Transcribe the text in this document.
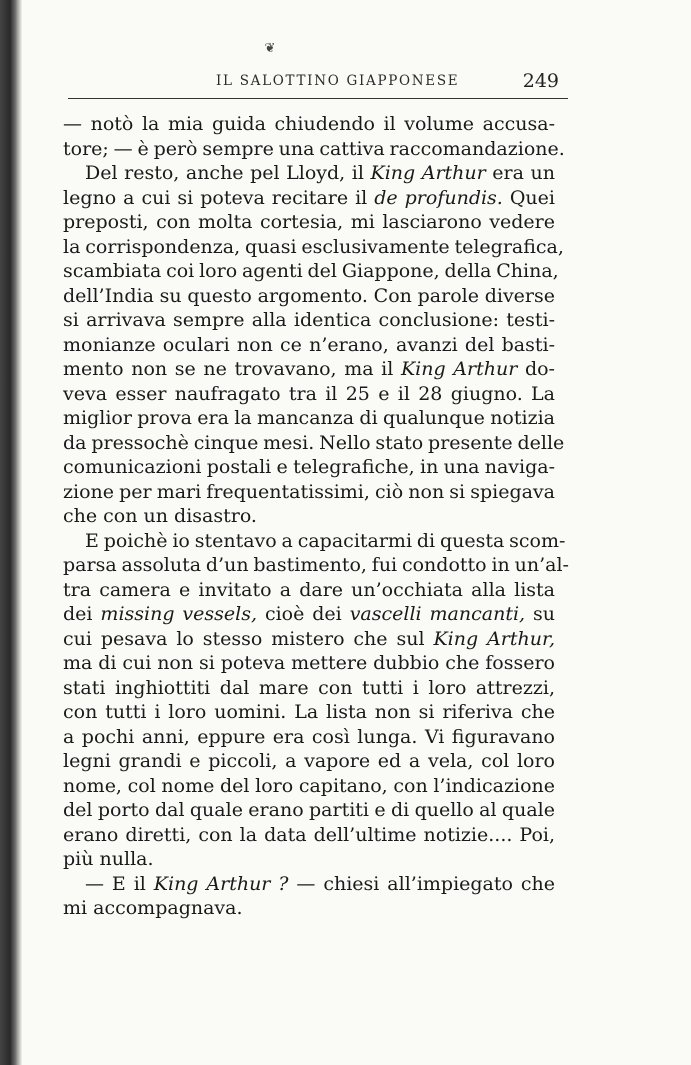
❦
IL SALOTTINO GIAPPONESE	249
— notò la mia guida chiudendo il volume accusa-
tore; — è però sempre una cattiva raccomandazione.
Del resto, anche pel Lloyd, il King Arthur era un
legno a cui si poteva recitare il de profundis. Quei
preposti, con molta cortesia, mi lasciarono vedere
la corrispondenza, quasi esclusivamente telegrafica,
scambiata coi loro agenti del Giappone, della China,
dell’India su questo argomento. Con parole diverse
si arrivava sempre alla identica conclusione: testi-
monianze oculari non ce n’erano, avanzi del basti-
mento non se ne trovavano, ma il King Arthur do-
veva esser naufragato tra il 25 e il 28 giugno. La
miglior prova era la mancanza di qualunque notizia
da pressochè cinque mesi. Nello stato presente delle
comunicazioni postali e telegrafiche, in una naviga-
zione per mari frequentatissimi, ciò non si spiegava
che con un disastro.
E poichè io stentavo a capacitarmi di questa scom-
parsa assoluta d’un bastimento, fui condotto in un’al-
tra camera e invitato a dare un’occhiata alla lista
dei missing vessels, cioè dei vascelli mancanti, su
cui pesava lo stesso mistero che sul King Arthur,
ma di cui non si poteva mettere dubbio che fossero
stati inghiottiti dal mare con tutti i loro attrezzi,
con tutti i loro uomini. La lista non si riferiva che
a pochi anni, eppure era così lunga. Vi figuravano
legni grandi e piccoli, a vapore ed a vela, col loro
nome, col nome del loro capitano, con l’indicazione
del porto dal quale erano partiti e di quello al quale
erano diretti, con la data dell’ultime notizie.... Poi,
più nulla.
— E il King Arthur ? — chiesi all’impiegato che
mi accompagnava.
